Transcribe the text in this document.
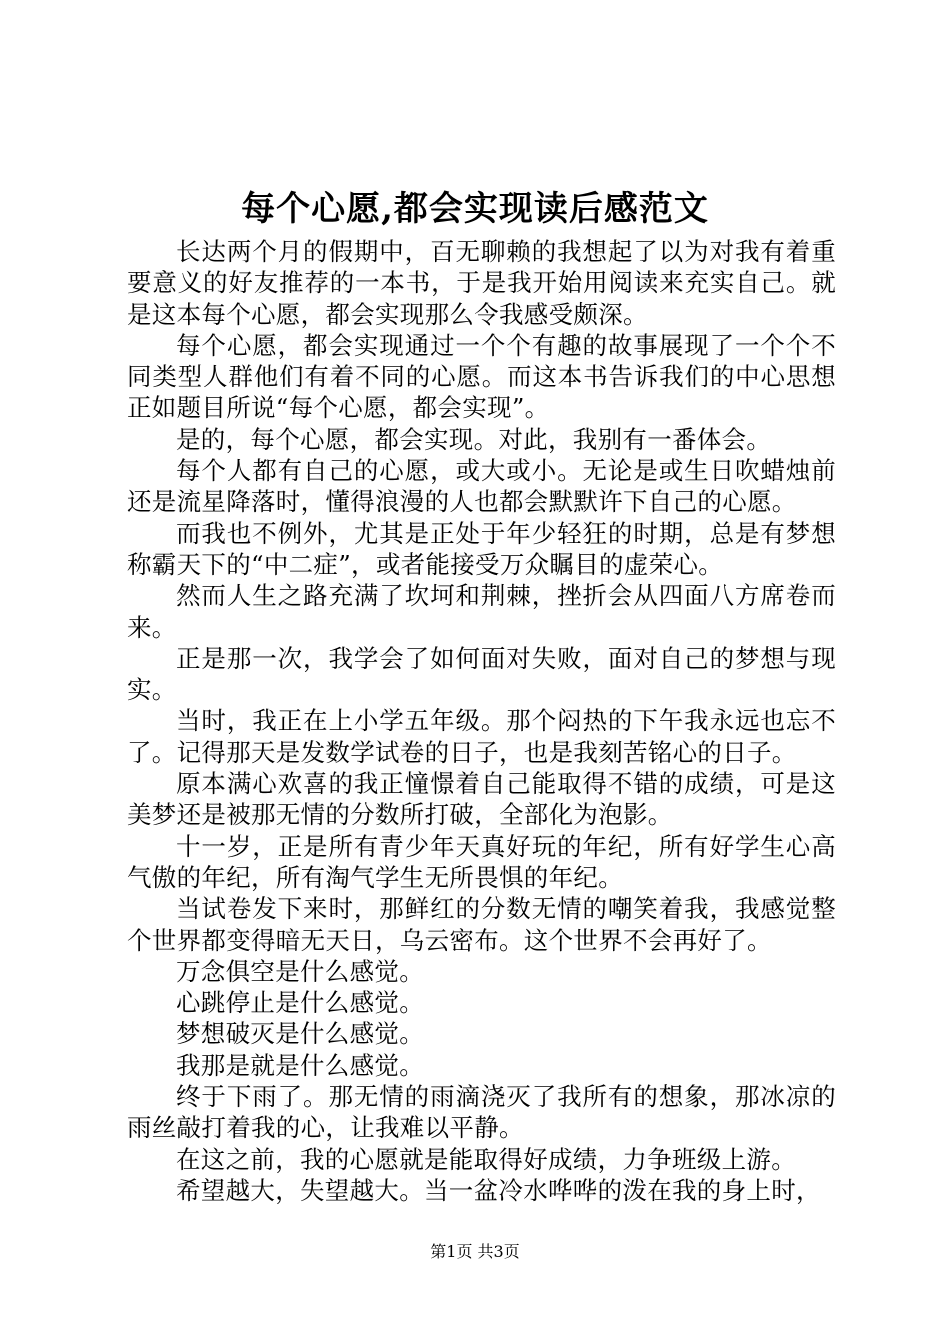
每个心愿,都会实现读后感范文

长达两个月的假期中，百无聊赖的我想起了以为对我有着重要意义的好友推荐的一本书，于是我开始用阅读来充实自己。就是这本每个心愿，都会实现那么令我感受颇深。

每个心愿，都会实现通过一个个有趣的故事展现了一个个不同类型人群他们有着不同的心愿。而这本书告诉我们的中心思想正如题目所说“每个心愿，都会实现”。

是的，每个心愿，都会实现。对此，我别有一番体会。

每个人都有自己的心愿，或大或小。无论是或生日吹蜡烛前还是流星降落时，懂得浪漫的人也都会默默许下自己的心愿。

而我也不例外，尤其是正处于年少轻狂的时期，总是有梦想称霸天下的“中二症”，或者能接受万众瞩目的虚荣心。

然而人生之路充满了坎坷和荆棘，挫折会从四面八方席卷而来。

正是那一次，我学会了如何面对失败，面对自己的梦想与现实。

当时，我正在上小学五年级。那个闷热的下午我永远也忘不了。记得那天是发数学试卷的日子，也是我刻苦铭心的日子。

原本满心欢喜的我正憧憬着自己能取得不错的成绩，可是这美梦还是被那无情的分数所打破，全部化为泡影。

十一岁，正是所有青少年天真好玩的年纪，所有好学生心高气傲的年纪，所有淘气学生无所畏惧的年纪。

当试卷发下来时，那鲜红的分数无情的嘲笑着我，我感觉整个世界都变得暗无天日，乌云密布。这个世界不会再好了。

万念俱空是什么感觉。

心跳停止是什么感觉。

梦想破灭是什么感觉。

我那是就是什么感觉。

终于下雨了。那无情的雨滴浇灭了我所有的想象，那冰凉的雨丝敲打着我的心，让我难以平静。

在这之前，我的心愿就是能取得好成绩，力争班级上游。

希望越大，失望越大。当一盆冷水哗哗的泼在我的身上时，

第1页 共3页
